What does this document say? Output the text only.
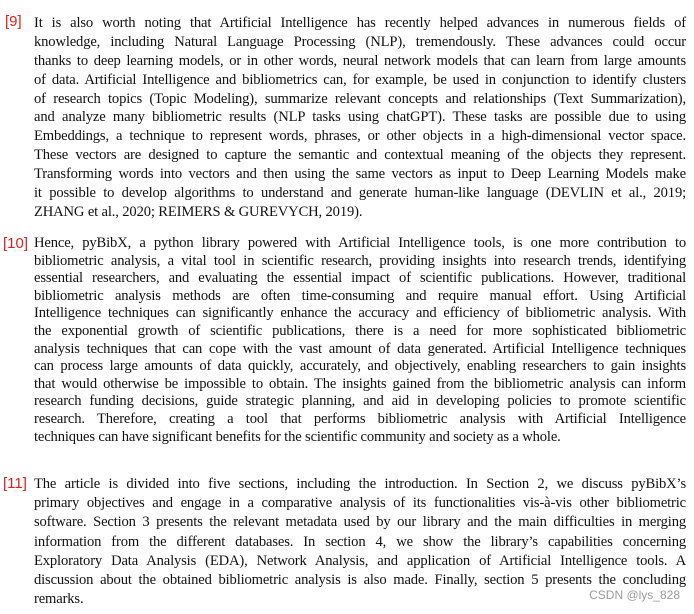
[9] It is also worth noting that Artificial Intelligence has recently helped advances in numerous fields of
knowledge, including Natural Language Processing (NLP), tremendously. These advances could occur
thanks to deep learning models, or in other words, neural network models that can learn from large amounts
of data. Artificial Intelligence and bibliometrics can, for example, be used in conjunction to identify clusters
of research topics (Topic Modeling), summarize relevant concepts and relationships (Text Summarization),
and analyze many bibliometric results (NLP tasks using chatGPT). These tasks are possible due to using
Embeddings, a technique to represent words, phrases, or other objects in a high-dimensional vector space.
These vectors are designed to capture the semantic and contextual meaning of the objects they represent.
Transforming words into vectors and then using the same vectors as input to Deep Learning Models make
it possible to develop algorithms to understand and generate human-like language (DEVLIN et al., 2019;
ZHANG et al., 2020; REIMERS & GUREVYCH, 2019).
[10] Hence, pyBibX, a python library powered with Artificial Intelligence tools, is one more contribution to
bibliometric analysis, a vital tool in scientific research, providing insights into research trends, identifying
essential researchers, and evaluating the essential impact of scientific publications. However, traditional
bibliometric analysis methods are often time-consuming and require manual effort. Using Artificial
Intelligence techniques can significantly enhance the accuracy and efficiency of bibliometric analysis. With
the exponential growth of scientific publications, there is a need for more sophisticated bibliometric
analysis techniques that can cope with the vast amount of data generated. Artificial Intelligence techniques
can process large amounts of data quickly, accurately, and objectively, enabling researchers to gain insights
that would otherwise be impossible to obtain. The insights gained from the bibliometric analysis can inform
research funding decisions, guide strategic planning, and aid in developing policies to promote scientific
research. Therefore, creating a tool that performs bibliometric analysis with Artificial Intelligence
techniques can have significant benefits for the scientific community and society as a whole.
[11] The article is divided into five sections, including the introduction. In Section 2, we discuss pyBibX’s
primary objectives and engage in a comparative analysis of its functionalities vis-à-vis other bibliometric
software. Section 3 presents the relevant metadata used by our library and the main difficulties in merging
information from the different databases. In section 4, we show the library’s capabilities concerning
Exploratory Data Analysis (EDA), Network Analysis, and application of Artificial Intelligence tools. A
discussion about the obtained bibliometric analysis is also made. Finally, section 5 presents the concluding
remarks.	CSDN @lys_828
